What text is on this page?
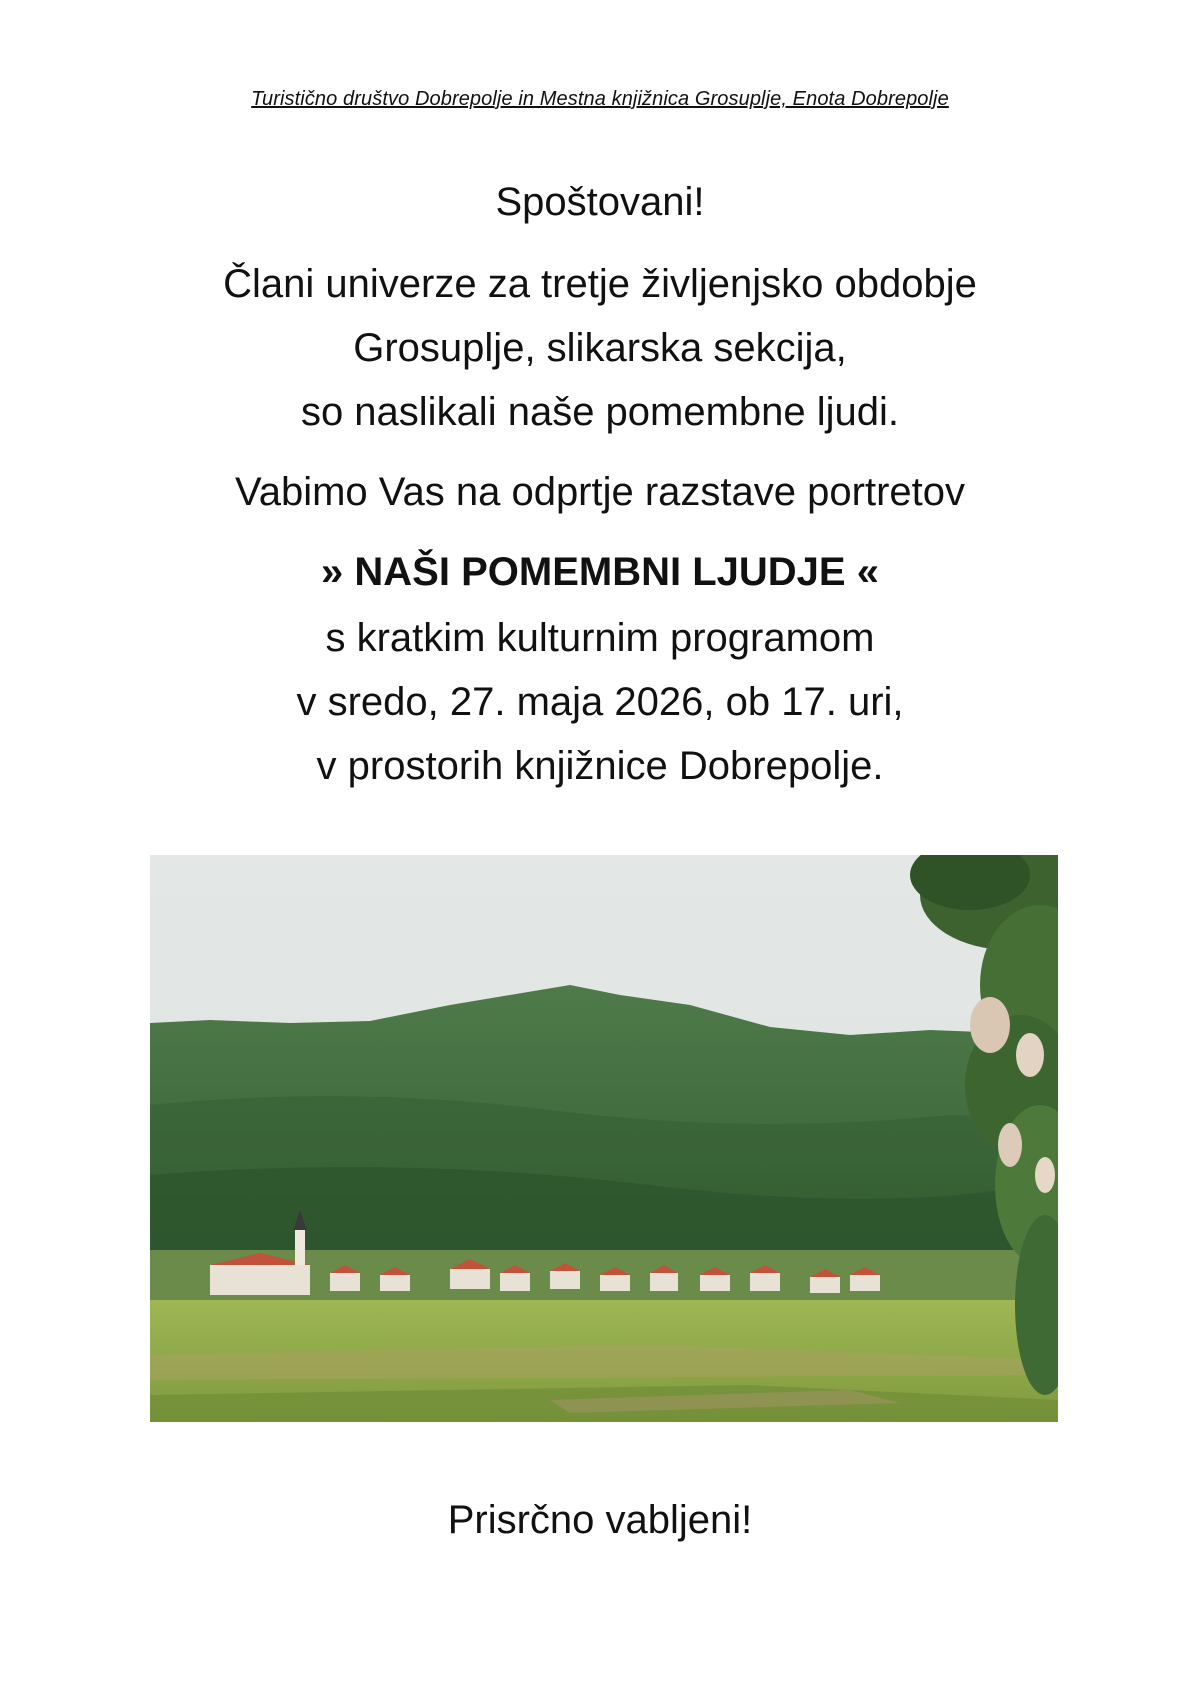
Turistično društvo Dobrepolje in Mestna knjižnica Grosuplje, Enota Dobrepolje
Spoštovani!
Člani univerze za tretje življenjsko obdobje
Grosuplje, slikarska sekcija,
so naslikali naše pomembne ljudi.
Vabimo Vas na odprtje razstave portretov
» NAŠI POMEMBNI LJUDJE «
s kratkim kulturnim programom
v sredo, 27. maja 2026, ob 17. uri,
v prostorih knjižnice Dobrepolje.
Prisrčno vabljeni!
